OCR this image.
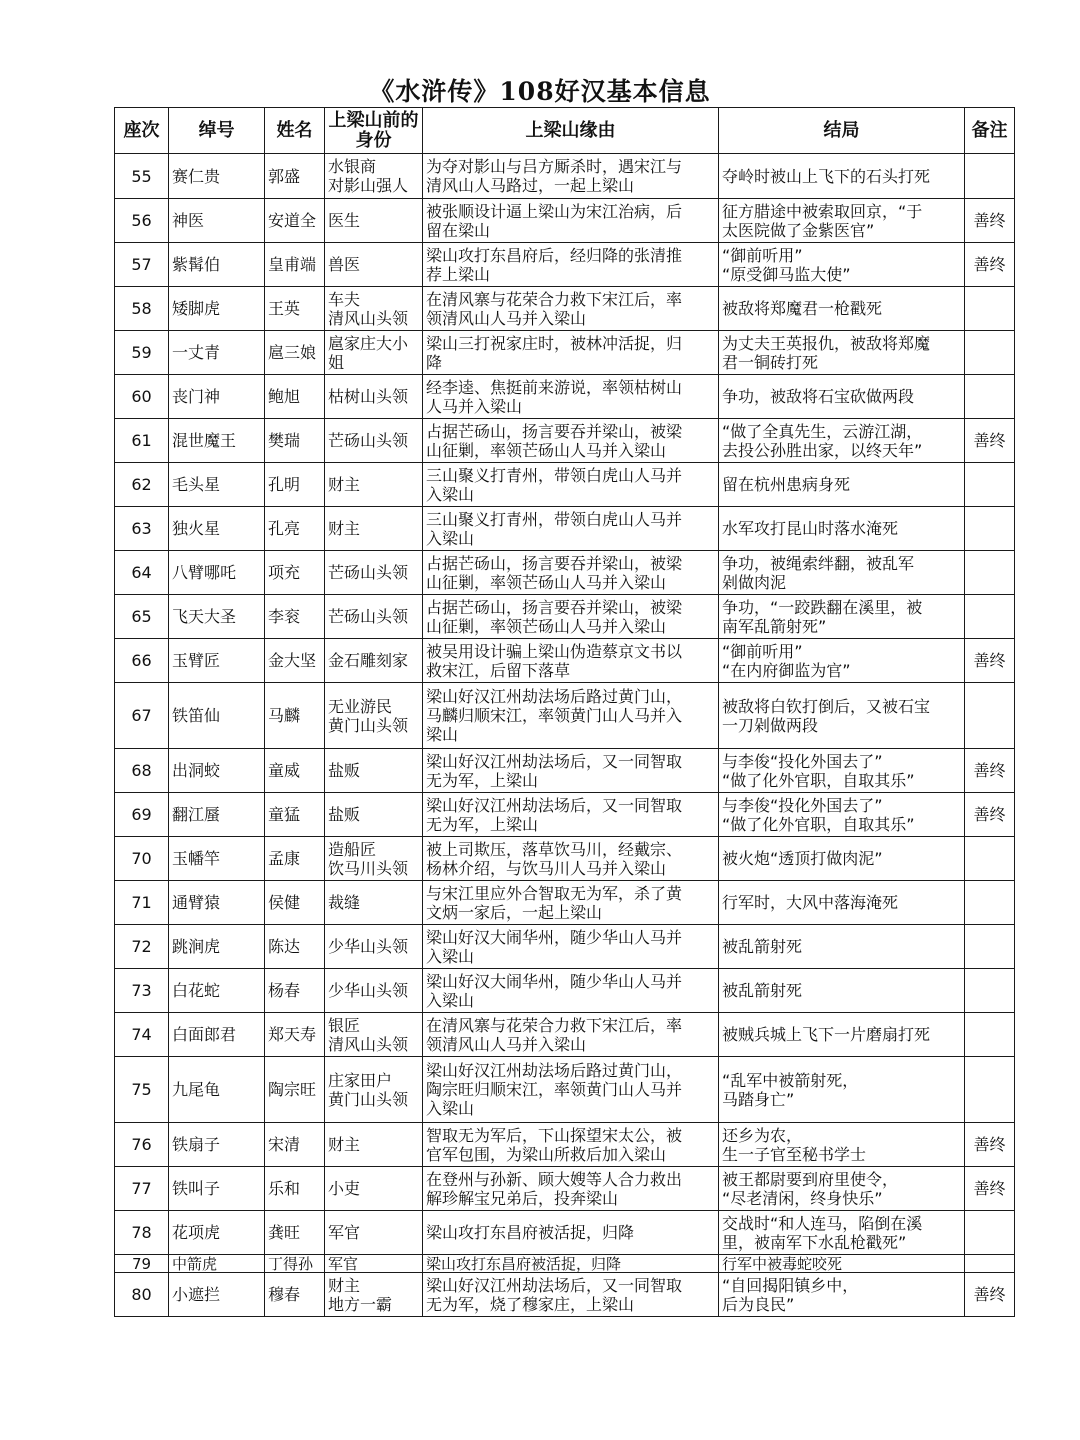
《水浒传》108好汉基本信息
座次	绰号	姓名	上梁山前的
身份	上梁山缘由	结局	备注
55	赛仁贵	郭盛	水银商
对影山强人	为夺对影山与吕方厮杀时，遇宋江与
清风山人马路过，一起上梁山	夺岭时被山上飞下的石头打死	
56	神医	安道全	医生	被张顺设计逼上梁山为宋江治病，后
留在梁山	征方腊途中被索取回京，“于
太医院做了金紫医官”	善终
57	紫髯伯	皇甫端	兽医	梁山攻打东昌府后，经归降的张清推
荐上梁山	“御前听用”
“原受御马监大使”	善终
58	矮脚虎	王英	车夫
清风山头领	在清风寨与花荣合力救下宋江后，率
领清风山人马并入梁山	被敌将郑魔君一枪戳死	
59	一丈青	扈三娘	扈家庄大小
姐	梁山三打祝家庄时，被林冲活捉，归
降	为丈夫王英报仇，被敌将郑魔
君一铜砖打死	
60	丧门神	鲍旭	枯树山头领	经李逵、焦挺前来游说，率领枯树山
人马并入梁山	争功，被敌将石宝砍做两段	
61	混世魔王	樊瑞	芒砀山头领	占据芒砀山，扬言要吞并梁山，被梁
山征剿，率领芒砀山人马并入梁山	“做了全真先生，云游江湖，
去投公孙胜出家，以终天年”	善终
62	毛头星	孔明	财主	三山聚义打青州，带领白虎山人马并
入梁山	留在杭州患病身死	
63	独火星	孔亮	财主	三山聚义打青州，带领白虎山人马并
入梁山	水军攻打昆山时落水淹死	
64	八臂哪吒	项充	芒砀山头领	占据芒砀山，扬言要吞并梁山，被梁
山征剿，率领芒砀山人马并入梁山	争功，被绳索绊翻，被乱军
剁做肉泥	
65	飞天大圣	李衮	芒砀山头领	占据芒砀山，扬言要吞并梁山，被梁
山征剿，率领芒砀山人马并入梁山	争功，“一跤跌翻在溪里，被
南军乱箭射死”	
66	玉臂匠	金大坚	金石雕刻家	被吴用设计骗上梁山伪造蔡京文书以
救宋江，后留下落草	“御前听用”
“在内府御监为官”	善终
67	铁笛仙	马麟	无业游民
黄门山头领	梁山好汉江州劫法场后路过黄门山，
马麟归顺宋江，率领黄门山人马并入
梁山	被敌将白钦打倒后，又被石宝
一刀剁做两段	
68	出洞蛟	童威	盐贩	梁山好汉江州劫法场后，又一同智取
无为军，上梁山	与李俊“投化外国去了”
“做了化外官职，自取其乐”	善终
69	翻江蜃	童猛	盐贩	梁山好汉江州劫法场后，又一同智取
无为军，上梁山	与李俊“投化外国去了”
“做了化外官职，自取其乐”	善终
70	玉幡竿	孟康	造船匠
饮马川头领	被上司欺压，落草饮马川，经戴宗、
杨林介绍，与饮马川人马并入梁山	被火炮“透顶打做肉泥”	
71	通臂猿	侯健	裁缝	与宋江里应外合智取无为军，杀了黄
文炳一家后，一起上梁山	行军时，大风中落海淹死	
72	跳涧虎	陈达	少华山头领	梁山好汉大闹华州，随少华山人马并
入梁山	被乱箭射死	
73	白花蛇	杨春	少华山头领	梁山好汉大闹华州，随少华山人马并
入梁山	被乱箭射死	
74	白面郎君	郑天寿	银匠
清风山头领	在清风寨与花荣合力救下宋江后，率
领清风山人马并入梁山	被贼兵城上飞下一片磨扇打死	
75	九尾龟	陶宗旺	庄家田户
黄门山头领	梁山好汉江州劫法场后路过黄门山，
陶宗旺归顺宋江，率领黄门山人马并
入梁山	“乱军中被箭射死，
马踏身亡”	
76	铁扇子	宋清	财主	智取无为军后，下山探望宋太公，被
官军包围，为梁山所救后加入梁山	还乡为农，
生一子官至秘书学士	善终
77	铁叫子	乐和	小吏	在登州与孙新、顾大嫂等人合力救出
解珍解宝兄弟后，投奔梁山	被王都尉要到府里使令，
“尽老清闲，终身快乐”	善终
78	花项虎	龚旺	军官	梁山攻打东昌府被活捉，归降	交战时“和人连马，陷倒在溪
里，被南军下水乱枪戳死”	
79	中箭虎	丁得孙	军官	梁山攻打东昌府被活捉，归降	行军中被毒蛇咬死	
80	小遮拦	穆春	财主
地方一霸	梁山好汉江州劫法场后，又一同智取
无为军，烧了穆家庄，上梁山	“自回揭阳镇乡中，
后为良民”	善终
